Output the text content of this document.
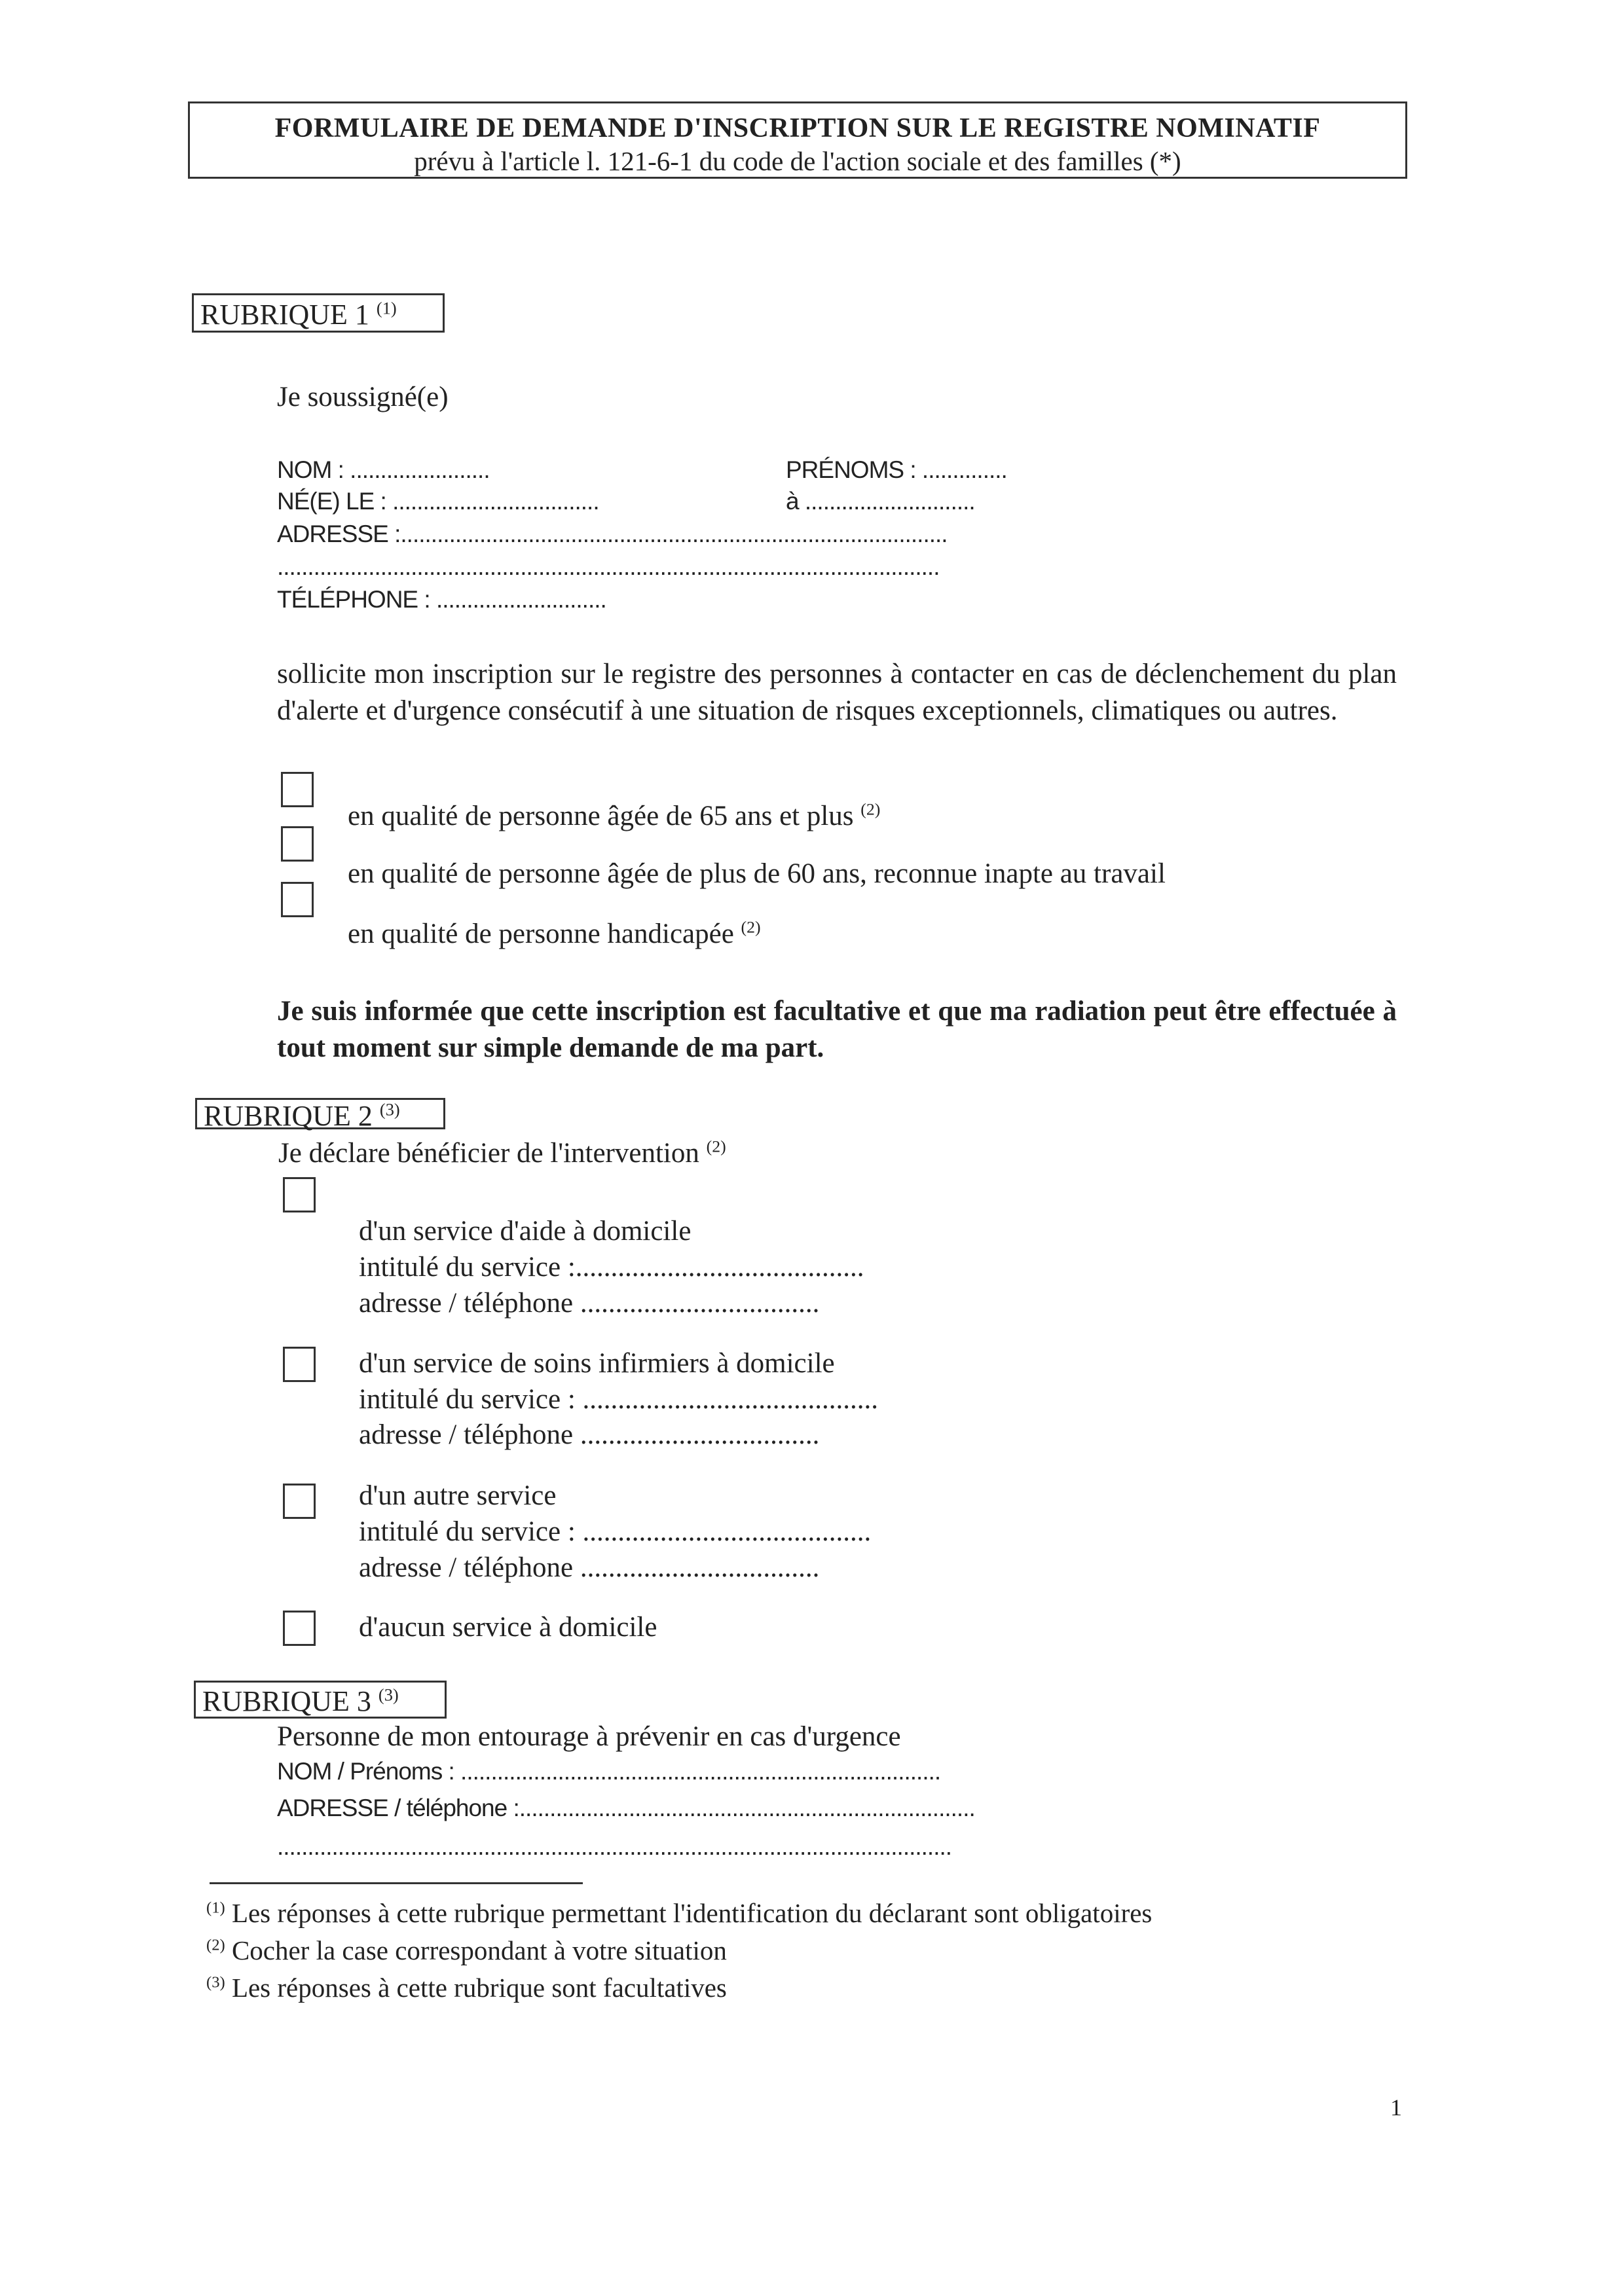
FORMULAIRE DE DEMANDE D'INSCRIPTION SUR LE REGISTRE NOMINATIF
prévu à l'article l. 121-6-1 du code de l'action sociale et des familles (*)
RUBRIQUE 1 $^{(1)}$
Je soussigné(e)
NOM : .......................	PRÉNOMS : ..............
NÉ(E) LE : ..................................	à ............................
ADRESSE :..........................................................................................
.............................................................................................................
TÉLÉPHONE : ............................
sollicite mon inscription sur le registre des personnes à contacter en cas de déclenchement du plan d'alerte et d'urgence consécutif à une situation de risques exceptionnels, climatiques ou autres.
en qualité de personne âgée de 65 ans et plus $^{(2)}$
en qualité de personne âgée de plus de 60 ans, reconnue inapte au travail
en qualité de personne handicapée $^{(2)}$
Je suis informée que cette inscription est facultative et que ma radiation peut être effectuée à tout moment sur simple demande de ma part.
RUBRIQUE 2 $^{(3)}$
Je déclare bénéficier de l'intervention $^{(2)}$
d'un service d'aide à domicile
intitulé du service :.........................................
adresse / téléphone ..................................
d'un service de soins infirmiers à domicile
intitulé du service : ..........................................
adresse / téléphone ..................................
d'un autre service
intitulé du service : .........................................
adresse / téléphone ..................................
d'aucun service à domicile
RUBRIQUE 3 $^{(3)}$
Personne de mon entourage à prévenir en cas d'urgence
NOM / Prénoms : ...............................................................................
ADRESSE / téléphone :...........................................................................
...............................................................................................................
$^{(1)}$ Les réponses à cette rubrique permettant l'identification du déclarant sont obligatoires
$^{(2)}$ Cocher la case correspondant à votre situation
$^{(3)}$ Les réponses à cette rubrique sont facultatives
1
